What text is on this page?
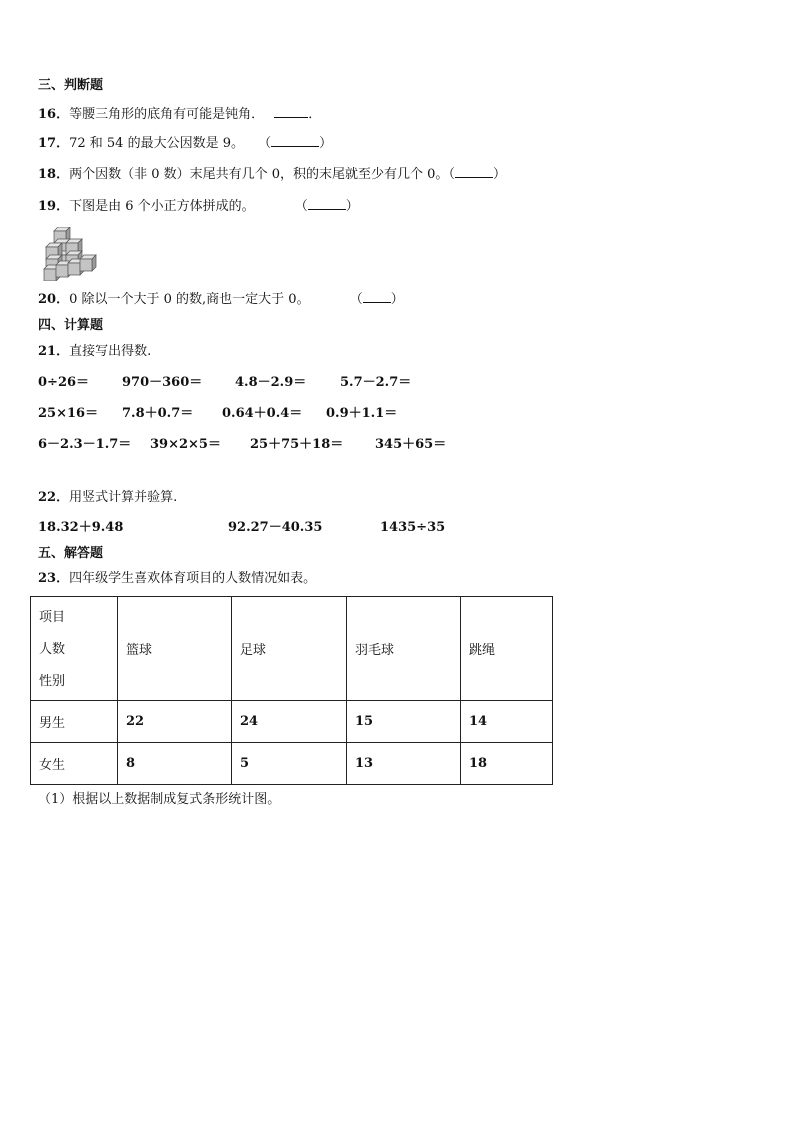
三、判断题
16．等腰三角形的底角有可能是钝角．	．
17．72 和 54 的最大公因数是 9。 （	）
18．两个因数（非 0 数）末尾共有几个 0，积的末尾就至少有几个 0。（	）
19．下图是由 6 个小正方体拼成的。	（	）
20．0 除以一个大于 0 的数,商也一定大于 0。	（ ）
四、计算题
21．直接写出得数.
0÷26＝	970－360＝	4.8－2.9＝	5.7－2.7＝
25×16＝ 7.8＋0.7＝ 0.64＋0.4＝ 0.9＋1.1＝
6－2.3－1.7＝ 39×2×5＝ 25＋75＋18＝ 345＋65＝
22．用竖式计算并验算.
18.32＋9.48	92.27－40.35	1435÷35
五、解答题
23．四年级学生喜欢体育项目的人数情况如表。
项目
人数
性别	篮球	足球	羽毛球	跳绳
男生	22	24	15	14
女生	8	5	13	18
（1）根据以上数据制成复式条形统计图。
